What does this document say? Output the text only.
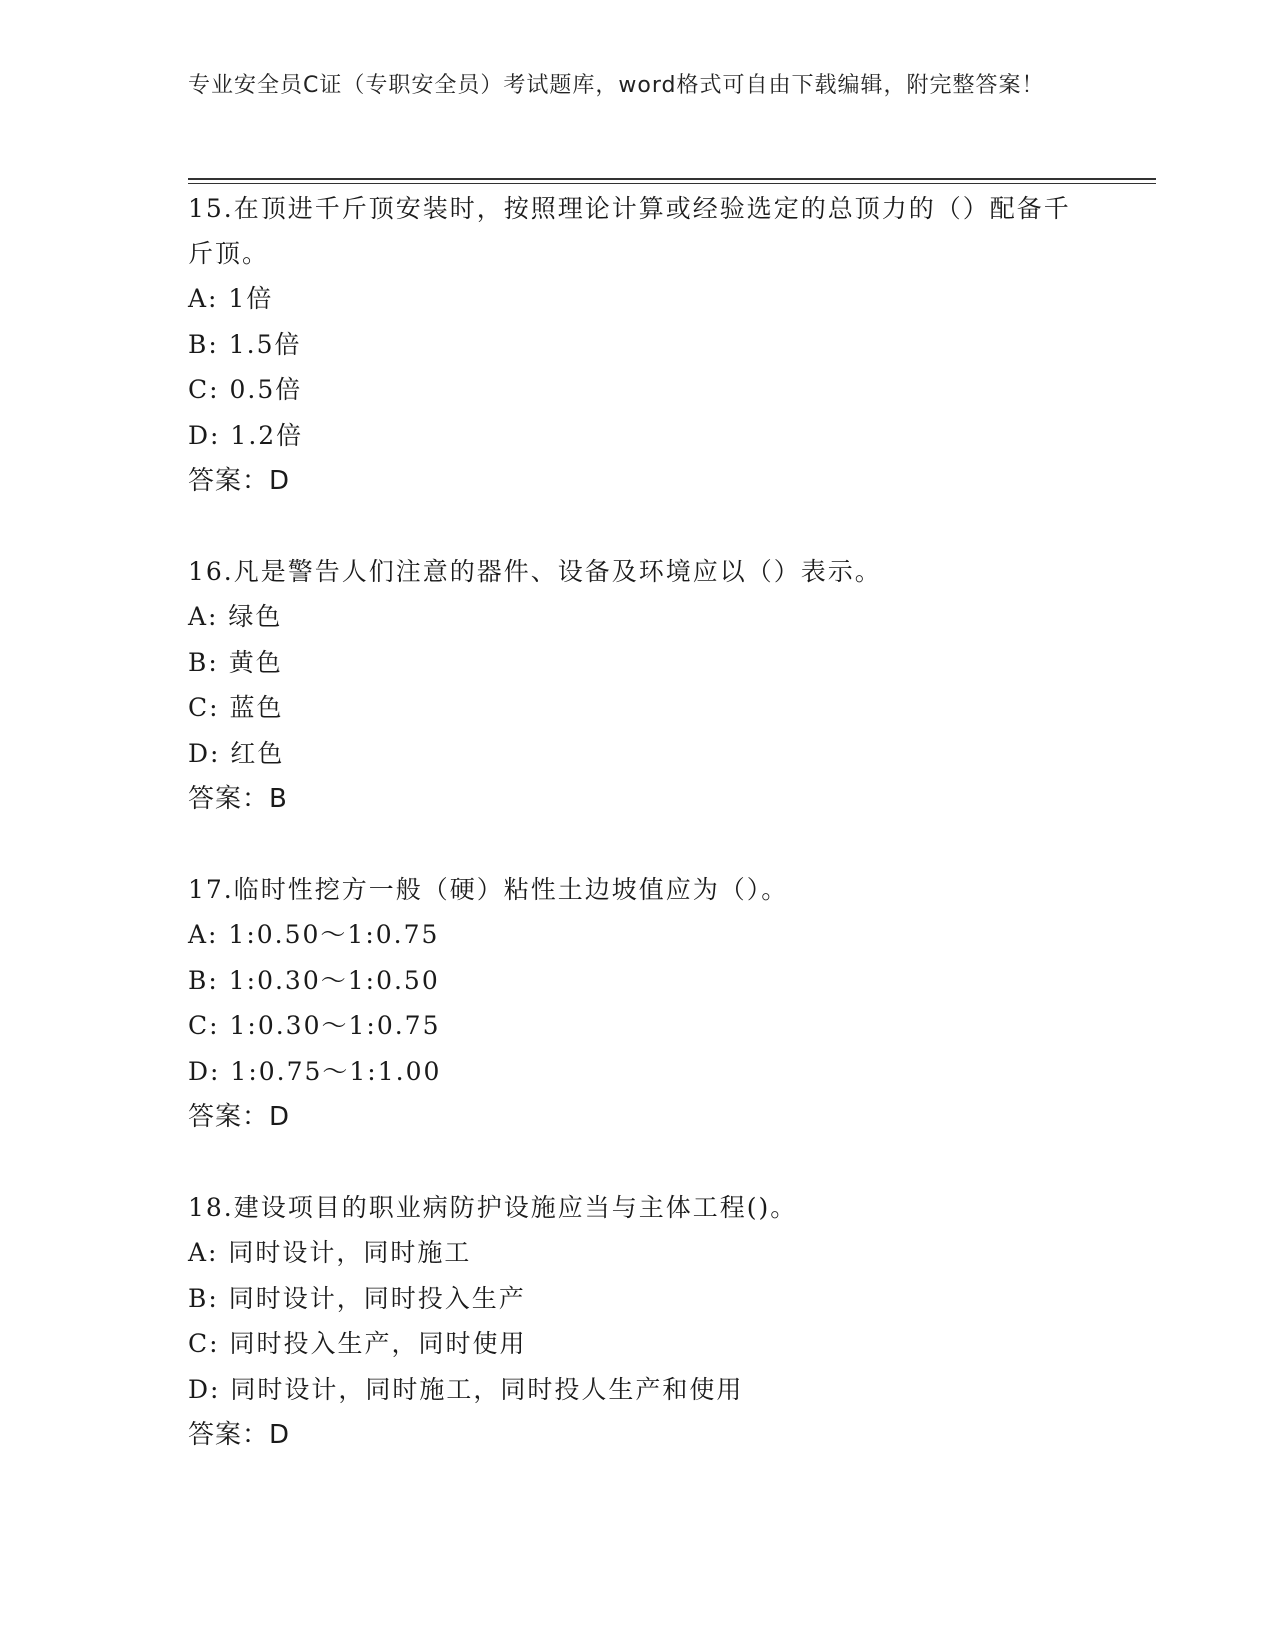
专业安全员C证（专职安全员）考试题库，word格式可自由下载编辑，附完整答案！

15.在顶进千斤顶安装时，按照理论计算或经验选定的总顶力的（）配备千斤顶。

A: 1倍

B: 1.5倍

C: 0.5倍

D: 1.2倍

答案：D

16.凡是警告人们注意的器件、设备及环境应以（）表示。

A: 绿色

B: 黄色

C: 蓝色

D: 红色

答案：B

17.临时性挖方一般（硬）粘性土边坡值应为（）。

A: 1:0.50～1:0.75

B: 1:0.30～1:0.50

C: 1:0.30～1:0.75

D: 1:0.75～1:1.00

答案：D

18.建设项目的职业病防护设施应当与主体工程()。

A: 同时设计，同时施工

B: 同时设计，同时投入生产

C: 同时投入生产，同时使用

D: 同时设计，同时施工，同时投人生产和使用

答案：D
